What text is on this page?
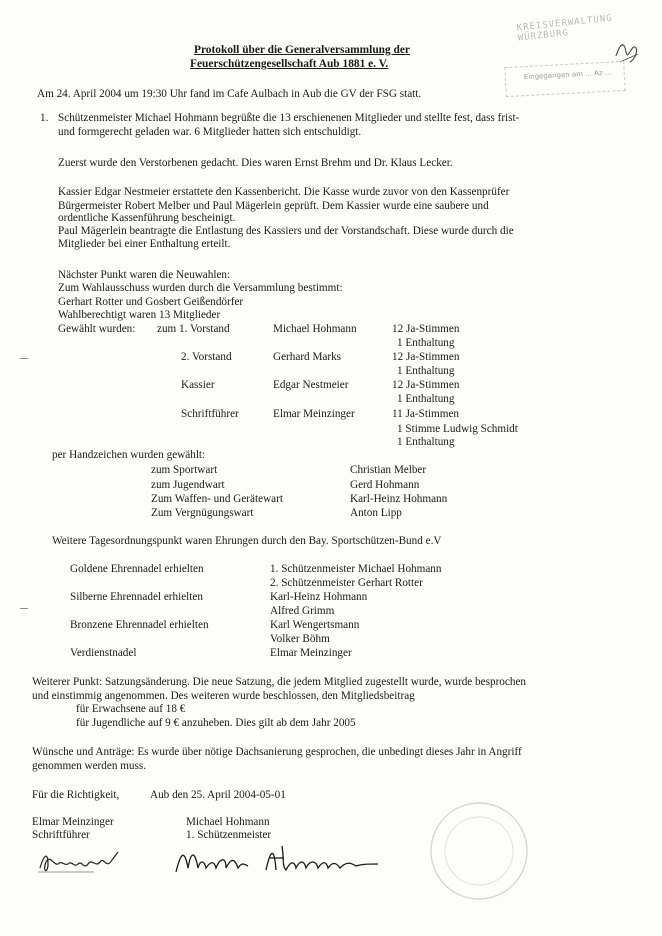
KREISVERWALTUNG WÜRZBURG
Eingegangen am ... Az ...
Protokoll über die Generalversammlung der
Feuerschützengesellschaft Aub 1881 e. V.
Am 24. April 2004 um 19:30 Uhr fand im Cafe Aulbach in Aub die GV der FSG statt.
1. Schützenmeister Michael Hohmann begrüßte die 13 erschienenen Mitglieder und stellte fest, dass frist-
und formgerecht geladen war. 6 Mitglieder hatten sich entschuldigt.
Zuerst wurde den Verstorbenen gedacht. Dies waren Ernst Brehm und Dr. Klaus Lecker.
Kassier Edgar Nestmeier erstattete den Kassenbericht. Die Kasse wurde zuvor von den Kassenprüfer
Bürgermeister Robert Melber und Paul Mägerlein geprüft. Dem Kassier wurde eine saubere und
ordentliche Kassenführung bescheinigt.
Paul Mägerlein beantragte die Entlastung des Kassiers und der Vorstandschaft. Diese wurde durch die
Mitglieder bei einer Enthaltung erteilt.
Nächster Punkt waren die Neuwahlen:
Zum Wahlausschuss wurden durch die Versammlung bestimmt:
Gerhart Rotter und Gosbert Geißendörfer
Wahlberechtigt waren 13 Mitglieder
Gewählt wurden: zum 1. Vorstand	Michael Hohmann	12 Ja-Stimmen
1 Enthaltung
2. Vorstand	Gerhard Marks	12 Ja-Stimmen
1 Enthaltung
Kassier	Edgar Nestmeier	12 Ja-Stimmen
1 Enthaltung
Schriftführer	Elmar Meinzinger	11 Ja-Stimmen
1 Stimme Ludwig Schmidt
1 Enthaltung
per Handzeichen wurden gewählt:
zum Sportwart	Christian Melber
zum Jugendwart	Gerd Hohmann
Zum Waffen- und Gerätewart	Karl-Heinz Hohmann
Zum Vergnügungswart	Anton Lipp
Weitere Tagesordnungspunkt waren Ehrungen durch den Bay. Sportschützen-Bund e.V
Goldene Ehrennadel erhielten	1. Schützenmeister Michael Hohmann
2. Schützenmeister Gerhart Rotter
Silberne Ehrennadel erhielten	Karl-Heinz Hohmann
Alfred Grimm
Bronzene Ehrennadel erhielten	Karl Wengertsmann
Volker Böhm
Verdienstnadel	Elmar Meinzinger
Weiterer Punkt: Satzungsänderung. Die neue Satzung, die jedem Mitglied zugestellt wurde, wurde besprochen
und einstimmig angenommen. Des weiteren wurde beschlossen, den Mitgliedsbeitrag
für Erwachsene auf 18 €
für Jugendliche auf 9 € anzuheben. Dies gilt ab dem Jahr 2005
Wünsche und Anträge: Es wurde über nötige Dachsanierung gesprochen, die unbedingt dieses Jahr in Angriff
genommen werden muss.
Für die Richtigkeit,	Aub den 25. April 2004-05-01
Elmar Meinzinger
Schriftführer
Michael Hohmann
1. Schützenmeister
